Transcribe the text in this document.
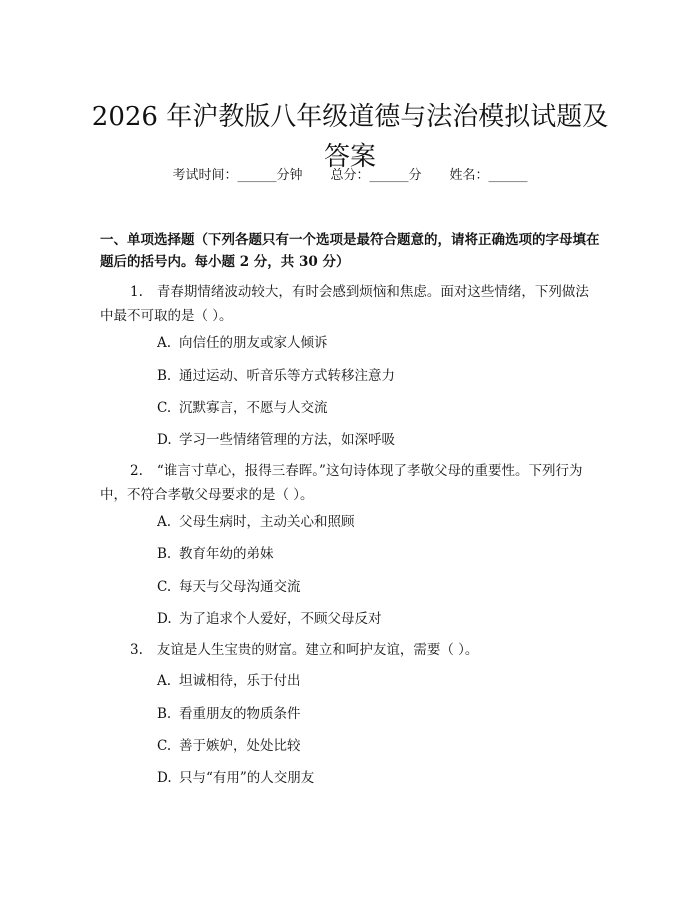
2026 年沪教版八年级道德与法治模拟试题及答案
考试时间：______分钟 总分：______分 姓名：______
一、单项选择题（下列各题只有一个选项是最符合题意的，请将正确选项的字母填在题后的括号内。每小题 2 分，共 30 分）
1. 青春期情绪波动较大，有时会感到烦恼和焦虑。面对这些情绪，下列做法中最不可取的是（ ）。
A. 向信任的朋友或家人倾诉
B. 通过运动、听音乐等方式转移注意力
C. 沉默寡言，不愿与人交流
D. 学习一些情绪管理的方法，如深呼吸
2. “谁言寸草心，报得三春晖。”这句诗体现了孝敬父母的重要性。下列行为中，不符合孝敬父母要求的是（ ）。
A. 父母生病时，主动关心和照顾
B. 教育年幼的弟妹
C. 每天与父母沟通交流
D. 为了追求个人爱好，不顾父母反对
3. 友谊是人生宝贵的财富。建立和呵护友谊，需要（ ）。
A. 坦诚相待，乐于付出
B. 看重朋友的物质条件
C. 善于嫉妒，处处比较
D. 只与“有用”的人交朋友
